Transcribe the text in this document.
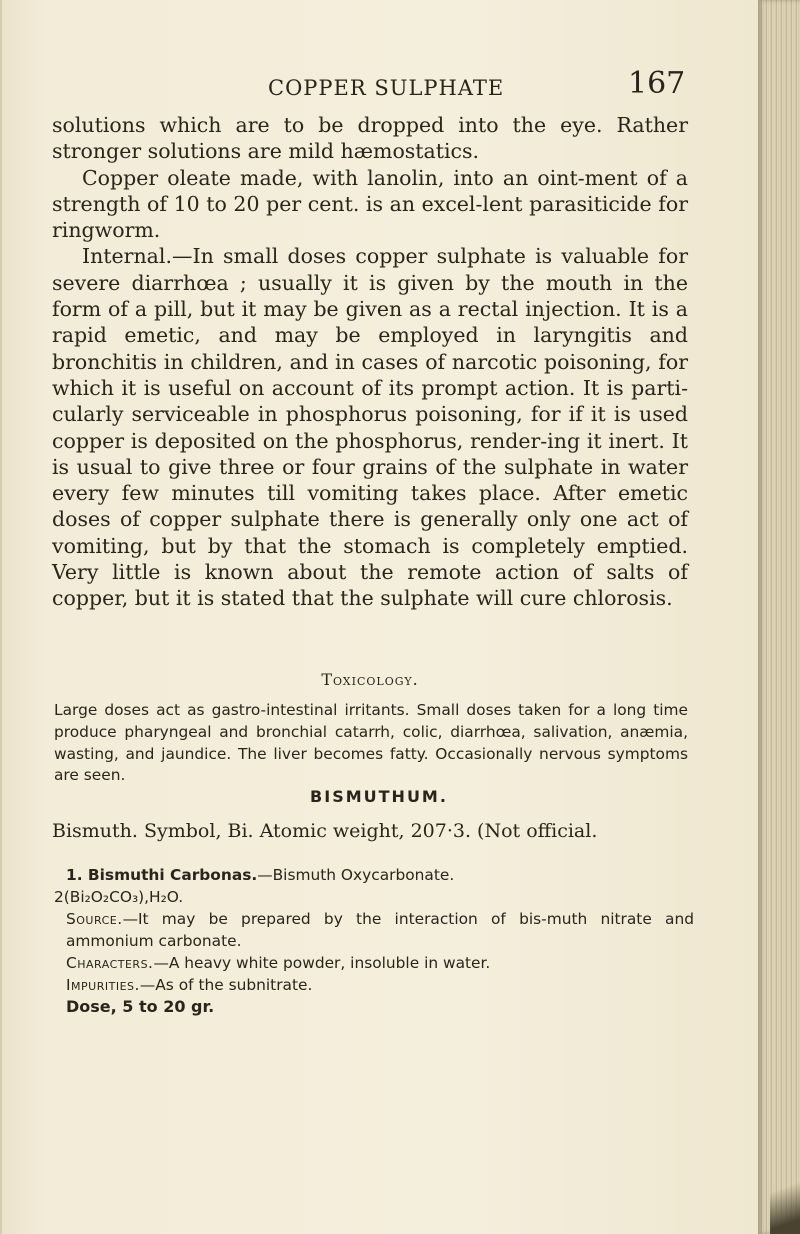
COPPER SULPHATE	167

solutions which are to be dropped into the eye. Rather stronger solutions are mild hæmostatics.

Copper oleate made, with lanolin, into an oint-ment of a strength of 10 to 20 per cent. is an excel-lent parasiticide for ringworm.

Internal.—In small doses copper sulphate is valuable for severe diarrhœa ; usually it is given by the mouth in the form of a pill, but it may be given as a rectal injection. It is a rapid emetic, and may be employed in laryngitis and bronchitis in children, and in cases of narcotic poisoning, for which it is useful on account of its prompt action. It is parti-cularly serviceable in phosphorus poisoning, for if it is used copper is deposited on the phosphorus, render-ing it inert. It is usual to give three or four grains of the sulphate in water every few minutes till vomiting takes place. After emetic doses of copper sulphate there is generally only one act of vomiting, but by that the stomach is completely emptied. Very little is known about the remote action of salts of copper, but it is stated that the sulphate will cure chlorosis.

Toxicology.
Large doses act as gastro-intestinal irritants. Small doses taken for a long time produce pharyngeal and bronchial catarrh, colic, diarrhœa, salivation, anæmia, wasting, and jaundice. The liver becomes fatty. Occasionally nervous symptoms are seen.
BISMUTHUM.
Bismuth. Symbol, Bi. Atomic weight, 207·3. (Not official.

1. Bismuthi Carbonas.—Bismuth Oxycarbonate.

2(Bi₂O₂CO₃),H₂O.

Source.—It may be prepared by the interaction of bis-muth nitrate and ammonium carbonate.

Characters.—A heavy white powder, insoluble in water.

Impurities.—As of the subnitrate.

Dose, 5 to 20 gr.
